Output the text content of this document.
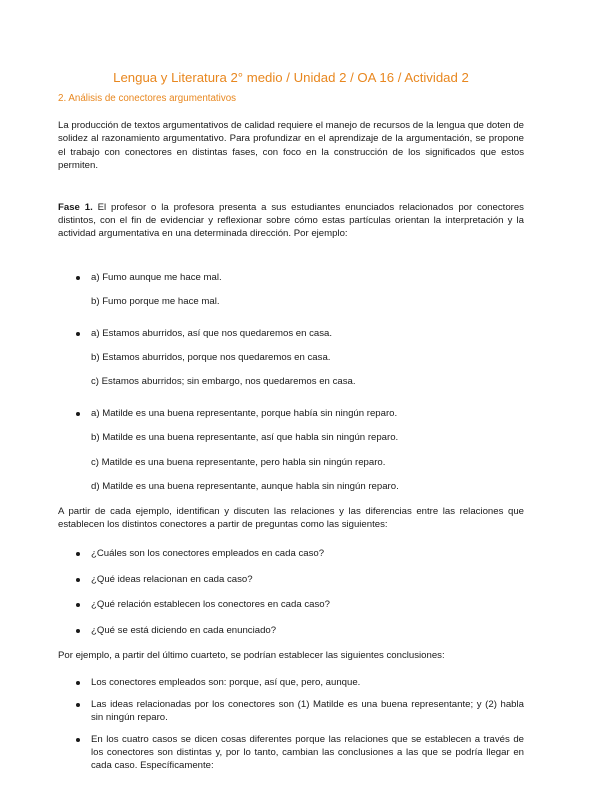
Lengua y Literatura 2° medio / Unidad 2 / OA 16 / Actividad 2
2. Análisis de conectores argumentativos

La producción de textos argumentativos de calidad requiere el manejo de recursos de la lengua que doten de solidez al razonamiento argumentativo. Para profundizar en el aprendizaje de la argumentación, se propone el trabajo con conectores en distintas fases, con foco en la construcción de los significados que estos permiten.

Fase 1. El profesor o la profesora presenta a sus estudiantes enunciados relacionados por conectores distintos, con el fin de evidenciar y reflexionar sobre cómo estas partículas orientan la interpretación y la actividad argumentativa en una determinada dirección. Por ejemplo:

a) Fumo aunque me hace mal.
b) Fumo porque me hace mal.
a) Estamos aburridos, así que nos quedaremos en casa.
b) Estamos aburridos, porque nos quedaremos en casa.
c) Estamos aburridos; sin embargo, nos quedaremos en casa.
a) Matilde es una buena representante, porque había sin ningún reparo.
b) Matilde es una buena representante, así que habla sin ningún reparo.
c) Matilde es una buena representante, pero habla sin ningún reparo.
d) Matilde es una buena representante, aunque habla sin ningún reparo.

A partir de cada ejemplo, identifican y discuten las relaciones y las diferencias entre las relaciones que establecen los distintos conectores a partir de preguntas como las siguientes:

¿Cuáles son los conectores empleados en cada caso?
¿Qué ideas relacionan en cada caso?
¿Qué relación establecen los conectores en cada caso?
¿Qué se está diciendo en cada enunciado?

Por ejemplo, a partir del último cuarteto, se podrían establecer las siguientes conclusiones:

Los conectores empleados son: porque, así que, pero, aunque.
Las ideas relacionadas por los conectores son (1) Matilde es una buena representante; y (2) habla sin ningún reparo.
En los cuatro casos se dicen cosas diferentes porque las relaciones que se establecen a través de los conectores son distintas y, por lo tanto, cambian las conclusiones a las que se podría llegar en cada caso. Específicamente:
